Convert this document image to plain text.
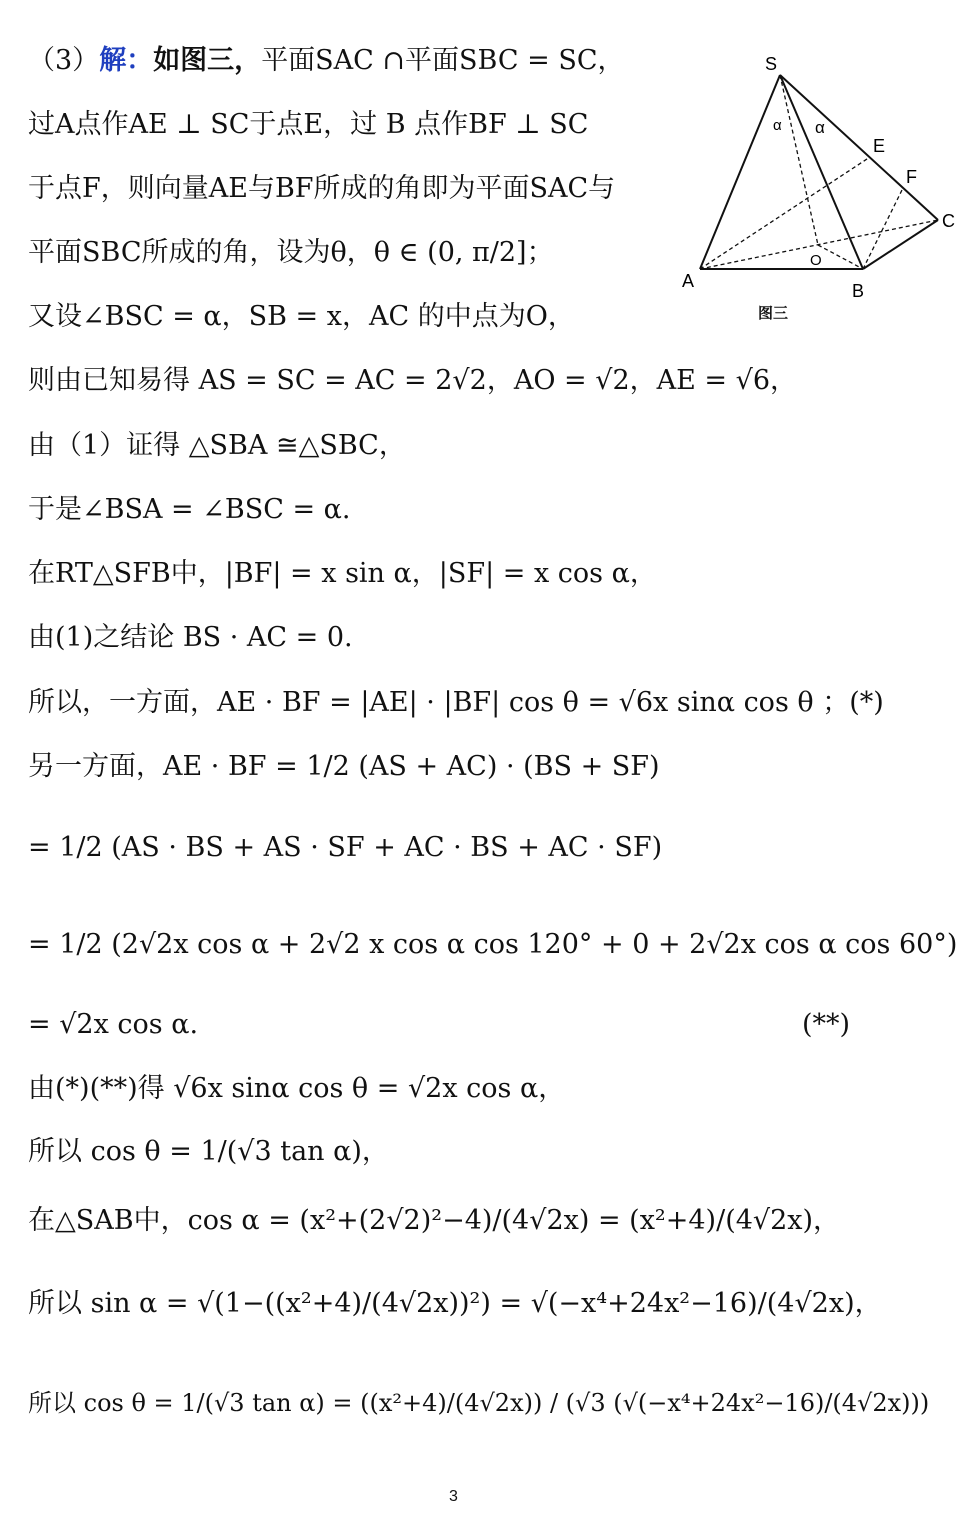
（3）解：如图三，平面SAC ∩平面SBC = SC，
过A点作AE ⊥ SC于点E，过 B 点作BF ⊥ SC
于点F，则向量AE与BF所成的角即为平面SAC与
平面SBC所成的角，设为θ，θ ∈ (0, π/2]；
又设∠BSC = α，SB = x，AC 的中点为O，
则由已知易得 AS = SC = AC = 2√2，AO = √2，AE = √6，
由（1）证得 △SBA ≅△SBC，
于是∠BSA = ∠BSC = α.
在RT△SFB中，|BF| = x sin α，|SF| = x cos α，
由(1)之结论 BS · AC = 0.
所以，一方面，AE · BF = |AE| · |BF| cos θ = √6x sinα cos θ ；(*)
另一方面，AE · BF = 1/2 (AS + AC) · (BS + SF)
= 1/2 (AS · BS + AS · SF + AC · BS + AC · SF)
= 1/2 (2√2x cos α + 2√2 x cos α cos 120° + 0 + 2√2x cos α cos 60°)
= √2x cos α.	(**)
由(*)(**)得 √6x sinα cos θ = √2x cos α，
所以 cos θ = 1/(√3 tan α)，
在△SAB中，cos α = (x²+(2√2)²−4)/(4√2x) = (x²+4)/(4√2x)，
所以 sin α = √(1−((x²+4)/(4√2x))²) = √(−x⁴+24x²−16)/(4√2x)，
所以 cos θ = 1/(√3 tan α) = ((x²+4)/(4√2x)) / (√3 (√(−x⁴+24x²−16)/(4√2x)))
S
A	B
C
E
F
O
α α
图三
3
